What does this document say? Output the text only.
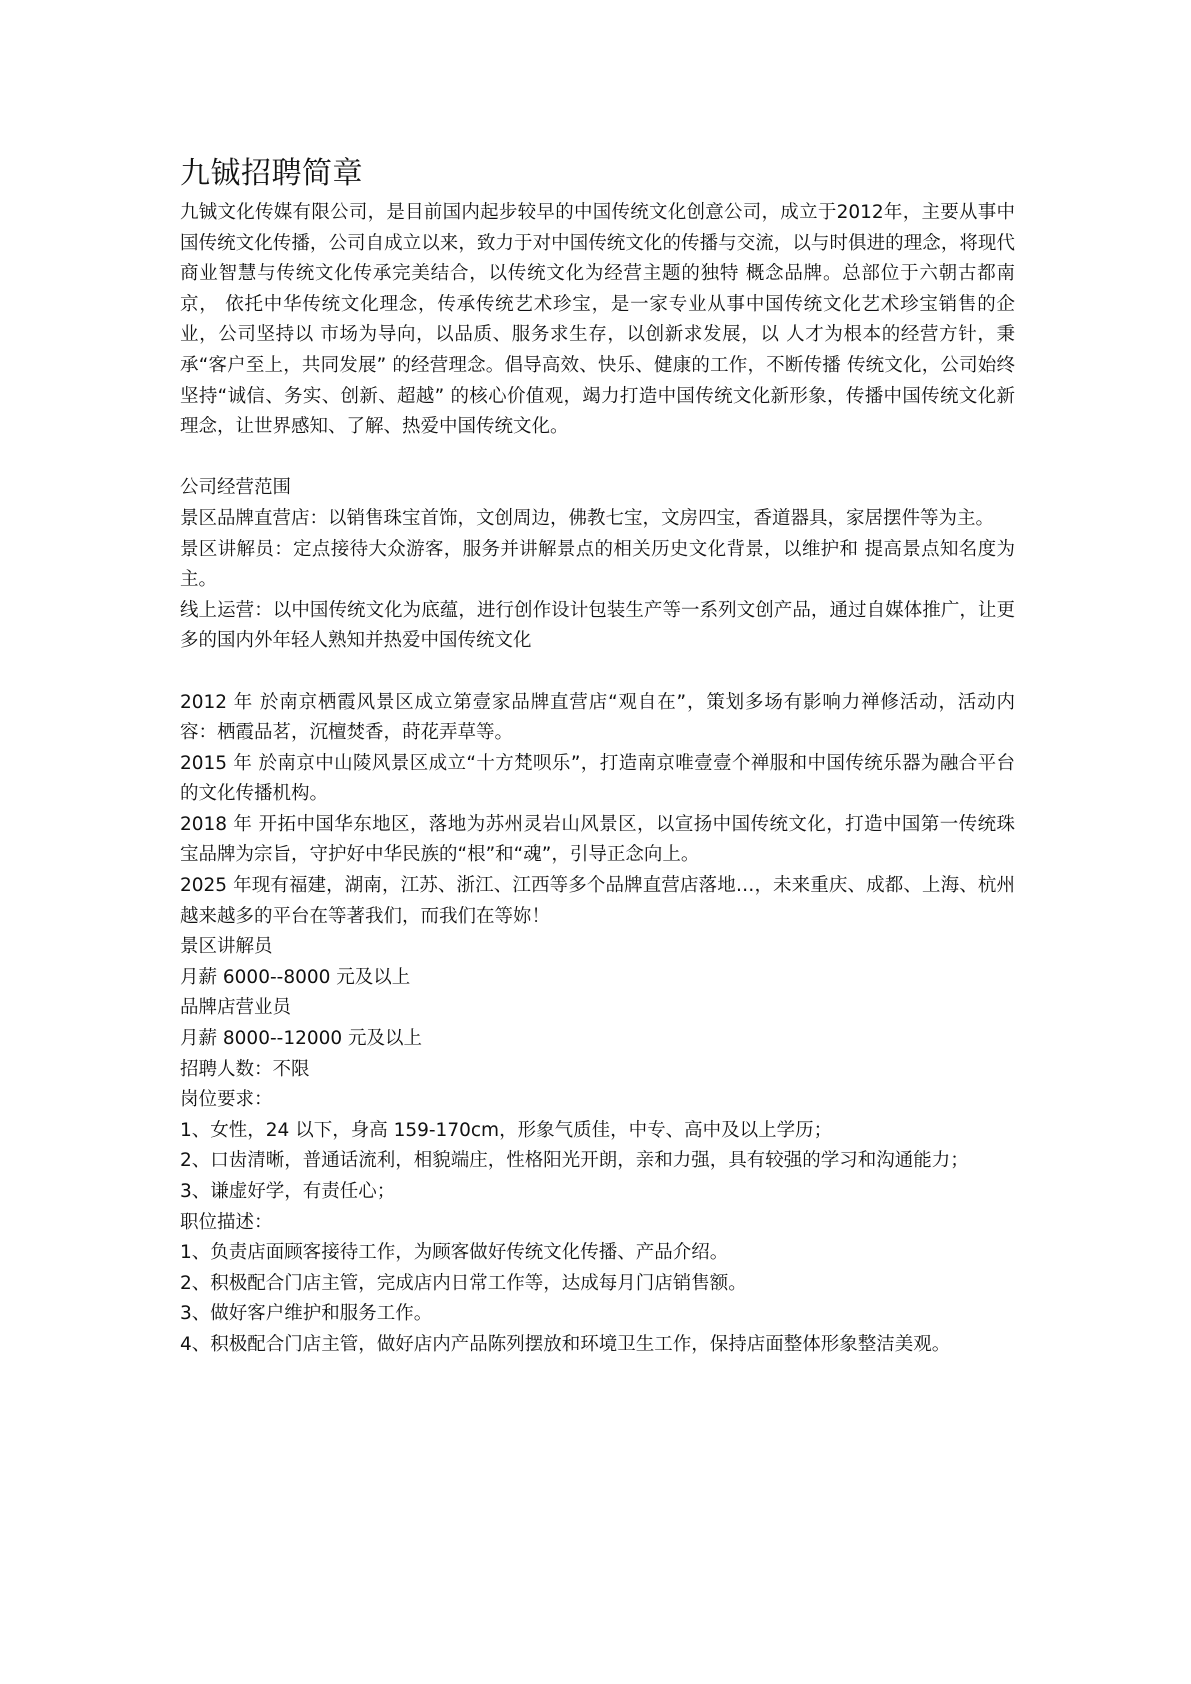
九铖招聘简章

九铖文化传媒有限公司，是目前国内起步较早的中国传统文化创意公司，成立于2012年，主要从事中国传统文化传播，公司自成立以来，致力于对中国传统文化的传播与交流，以与时俱进的理念，将现代商业智慧与传统文化传承完美结合，以传统文化为经营主题的独特 概念品牌。总部位于六朝古都南京， 依托中华传统文化理念，传承传统艺术珍宝，是一家专业从事中国传统文化艺术珍宝销售的企业，公司坚持以 市场为导向，以品质、服务求生存，以创新求发展，以 人才为根本的经营方针，秉承“客户至上，共同发展” 的经营理念。倡导高效、快乐、健康的工作，不断传播 传统文化，公司始终坚持“诚信、务实、创新、超越” 的核心价值观，竭力打造中国传统文化新形象，传播中国传统文化新理念，让世界感知、了解、热爱中国传统文化。

公司经营范围

景区品牌直营店：以销售珠宝首饰，文创周边，佛教七宝，文房四宝，香道器具，家居摆件等为主。

景区讲解员：定点接待大众游客，服务并讲解景点的相关历史文化背景，以维护和 提高景点知名度为主。

线上运营：以中国传统文化为底蕴，进行创作设计包装生产等一系列文创产品，通过自媒体推广，让更多的国内外年轻人熟知并热爱中国传统文化

2012 年 於南京栖霞风景区成立第壹家品牌直营店“观自在”，策划多场有影响力禅修活动，活动内容：栖霞品茗，沉檀焚香，莳花弄草等。

2015 年 於南京中山陵风景区成立“十方梵呗乐”，打造南京唯壹壹个禅服和中国传统乐器为融合平台的文化传播机构。

2018 年 开拓中国华东地区，落地为苏州灵岩山风景区，以宣扬中国传统文化，打造中国第一传统珠宝品牌为宗旨，守护好中华民族的“根”和“魂”，引导正念向上。

2025 年现有福建，湖南，江苏、浙江、江西等多个品牌直营店落地…，未来重庆、成都、上海、杭州越来越多的平台在等著我们，而我们在等妳！

景区讲解员

月薪 6000--8000 元及以上

品牌店营业员

月薪 8000--12000 元及以上

招聘人数：不限

岗位要求：

1、女性，24 以下，身高 159-170cm，形象气质佳，中专、高中及以上学历；

2、口齿清晰，普通话流利，相貌端庄，性格阳光开朗，亲和力强，具有较强的学习和沟通能力；

3、谦虚好学，有责任心；

职位描述：

1、负责店面顾客接待工作，为顾客做好传统文化传播、产品介绍。

2、积极配合门店主管，完成店内日常工作等，达成每月门店销售额。

3、做好客户维护和服务工作。

4、积极配合门店主管，做好店内产品陈列摆放和环境卫生工作，保持店面整体形象整洁美观。
